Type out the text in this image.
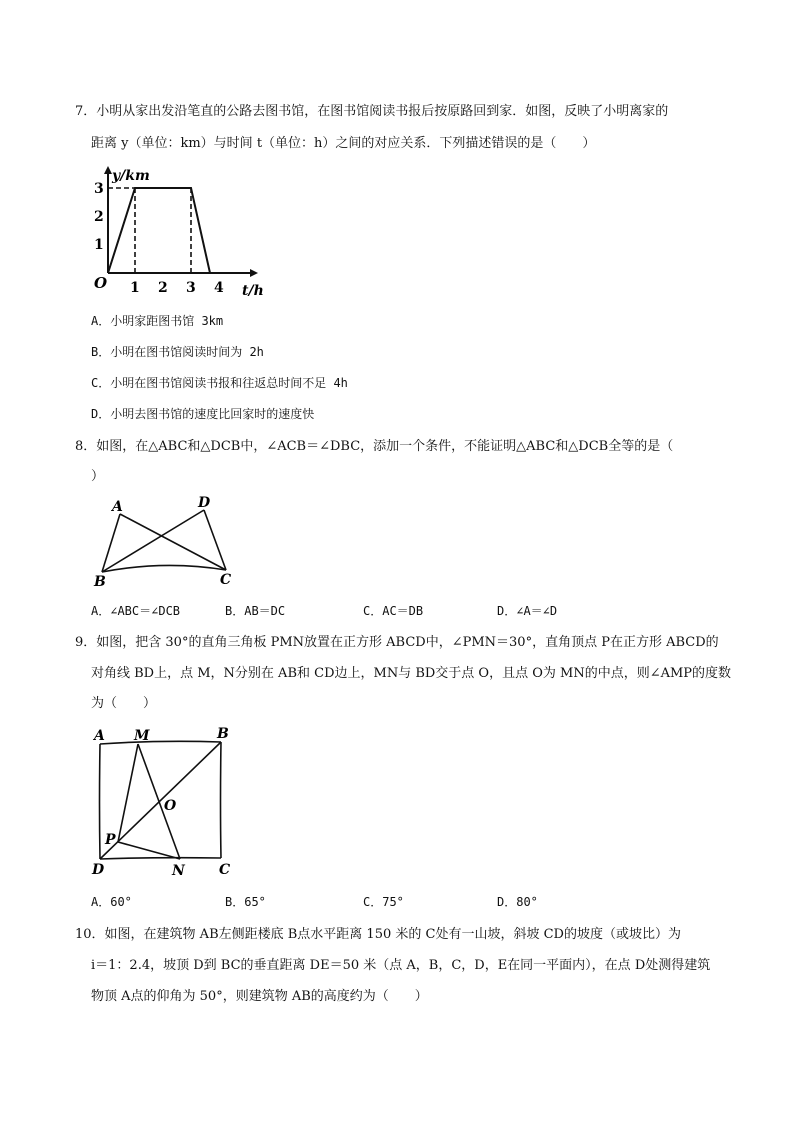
7．小明从家出发沿笔直的公路去图书馆，在图书馆阅读书报后按原路回到家．如图，反映了小明离家的
距离 y（单位：km）与时间 t（单位：h）之间的对应关系．下列描述错误的是（　　）
y/km
t/h
O
1
2
3
1 2 3 4
A．小明家距图书馆 3km
B．小明在图书馆阅读时间为 2h
C．小明在图书馆阅读书报和往返总时间不足 4h
D．小明去图书馆的速度比回家时的速度快
8．如图，在△ABC和△DCB中，∠ACB＝∠DBC，添加一个条件，不能证明△ABC和△DCB全等的是（
）
A	D
B	C
A．∠ABC＝∠DCB	B．AB＝DC	C．AC＝DB	D．∠A＝∠D
9．如图，把含 30°的直角三角板 PMN放置在正方形 ABCD中，∠PMN＝30°，直角顶点 P在正方形 ABCD的
对角线 BD上，点 M，N分别在 AB和 CD边上，MN与 BD交于点 O，且点 O为 MN的中点，则∠AMP的度数
为（　　）
A M	B
O
P
D	N C
A．60°	B．65°	C．75°	D．80°
10．如图，在建筑物 AB左侧距楼底 B点水平距离 150 米的 C处有一山坡，斜坡 CD的坡度（或坡比）为
i＝1：2.4，坡顶 D到 BC的垂直距离 DE＝50 米（点 A，B，C，D，E在同一平面内），在点 D处测得建筑
物顶 A点的仰角为 50°，则建筑物 AB的高度约为（　　）
